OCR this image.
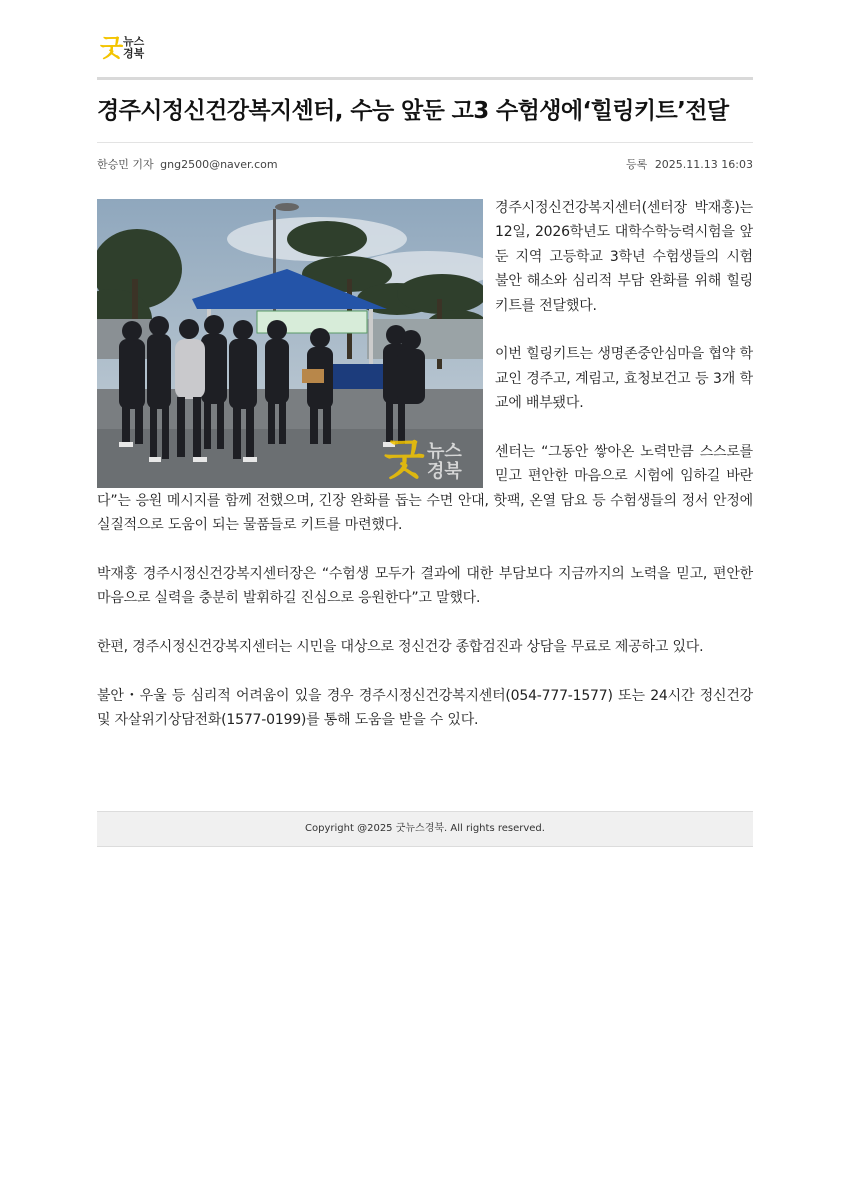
굿 뉴스
경북
경주시정신건강복지센터, 수능 앞둔 고3 수험생에‘힐링키트’전달
한승민 기자 gng2500@naver.com	등록 2025.11.13 16:03
굿 뉴스
경북

경주시정신건강복지센터(센터장 박재홍)는 12일, 2026학년도 대학수학능력시험을 앞둔 지역 고등학교 3학년 수험생들의 시험 불안 해소와 심리적 부담 완화를 위해 힐링키트를 전달했다.

이번 힐링키트는 생명존중안심마을 협약 학교인 경주고, 계림고, 효청보건고 등 3개 학교에 배부됐다.

센터는 “그동안 쌓아온 노력만큼 스스로를 믿고 편안한 마음으로 시험에 임하길 바란다”는 응원 메시지를 함께 전했으며, 긴장 완화를 돕는 수면 안대, 핫팩, 온열 담요 등 수험생들의 정서 안정에 실질적으로 도움이 되는 물품들로 키트를 마련했다.

박재홍 경주시정신건강복지센터장은 “수험생 모두가 결과에 대한 부담보다 지금까지의 노력을 믿고, 편안한 마음으로 실력을 충분히 발휘하길 진심으로 응원한다”고 말했다.

한편, 경주시정신건강복지센터는 시민을 대상으로 정신건강 종합검진과 상담을 무료로 제공하고 있다.

불안・우울 등 심리적 어려움이 있을 경우 경주시정신건강복지센터(054-777-1577) 또는 24시간 정신건강 및 자살위기상담전화(1577-0199)를 통해 도움을 받을 수 있다.

Copyright @2025 굿뉴스경북. All rights reserved.
